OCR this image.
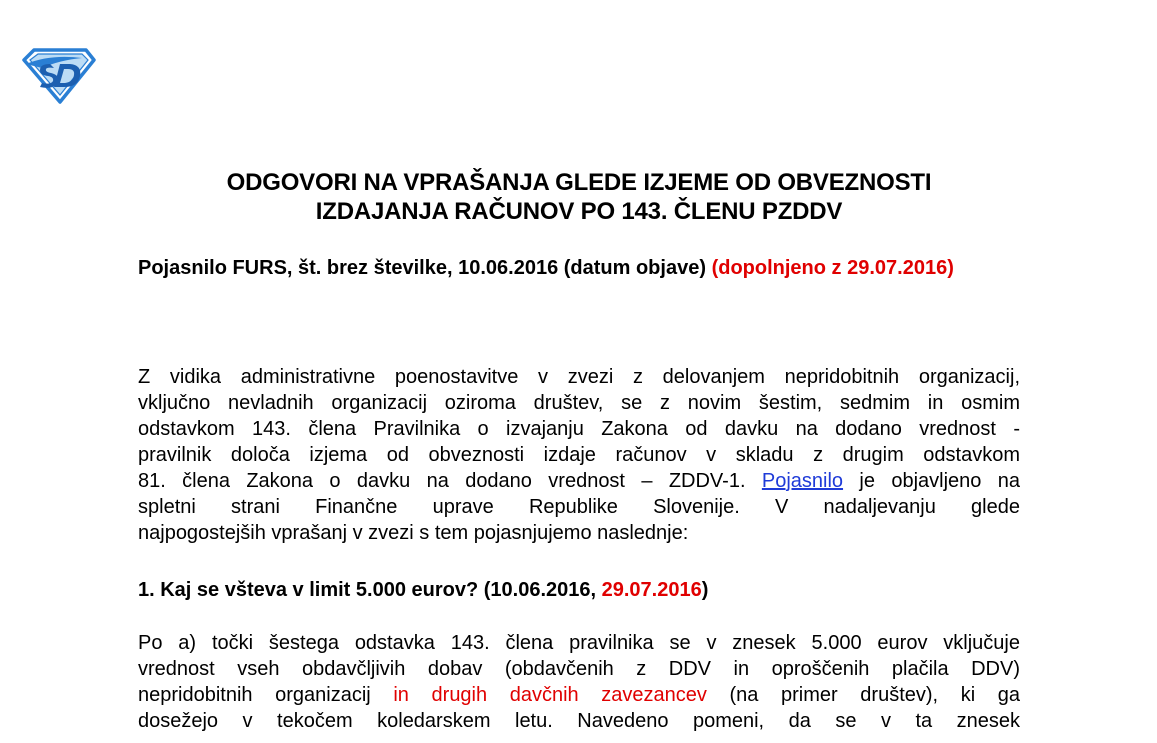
ODGOVORI NA VPRAŠANJA GLEDE IZJEME OD OBVEZNOSTI
IZDAJANJA RAČUNOV PO 143. ČLENU PZDDV

Pojasnilo FURS, št. brez številke, 10.06.2016 (datum objave) (dopolnjeno z 29.07.2016)

Z vidika administrativne poenostavitve v zvezi z delovanjem nepridobitnih organizacij,
vključno nevladnih organizacij oziroma društev, se z novim šestim, sedmim in osmim
odstavkom 143. člena Pravilnika o izvajanju Zakona od davku na dodano vrednost -
pravilnik določa izjema od obveznosti izdaje računov v skladu z drugim odstavkom
81. člena Zakona o davku na dodano vrednost – ZDDV-1. Pojasnilo je objavljeno na
spletni strani Finančne uprave Republike Slovenije. V nadaljevanju glede
najpogostejših vprašanj v zvezi s tem pojasnjujemo naslednje:

1. Kaj se všteva v limit 5.000 eurov? (10.06.2016, 29.07.2016)

Po a) točki šestega odstavka 143. člena pravilnika se v znesek 5.000 eurov vključuje
vrednost vseh obdavčljivih dobav (obdavčenih z DDV in oproščenih plačila DDV)
nepridobitnih organizacij in drugih davčnih zavezancev (na primer društev), ki ga
dosežejo v tekočem koledarskem letu. Navedeno pomeni, da se v ta znesek
